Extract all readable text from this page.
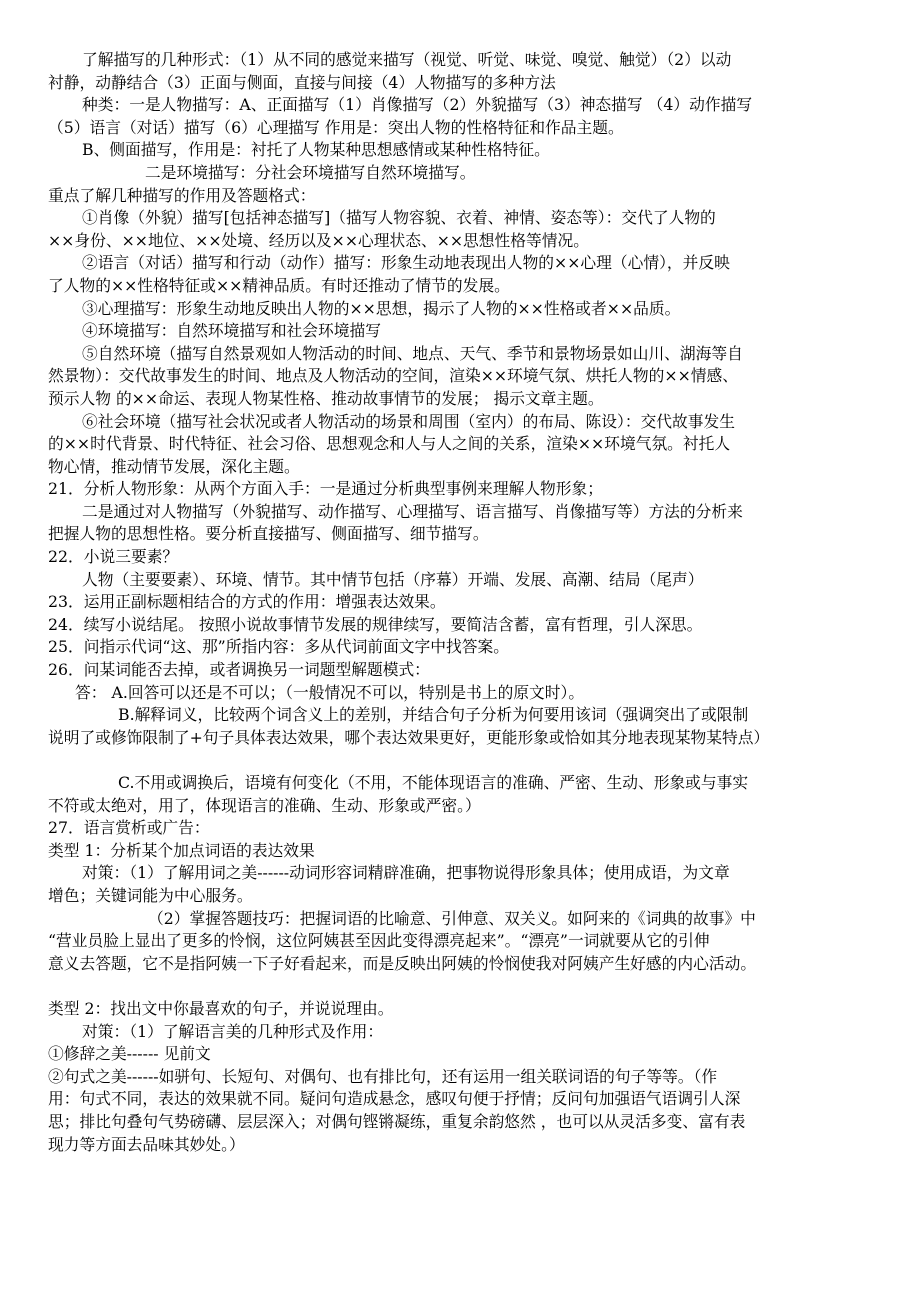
了解描写的几种形式：（1）从不同的感觉来描写（视觉、听觉、味觉、嗅觉、触觉）（2）以动
衬静，动静结合（3）正面与侧面，直接与间接（4）人物描写的多种方法
种类：一是人物描写：A、正面描写（1）肖像描写（2）外貌描写（3）神态描写 （4）动作描写
（5）语言（对话）描写（6）心理描写 作用是：突出人物的性格特征和作品主题。
B、侧面描写，作用是：衬托了人物某种思想感情或某种性格特征。
二是环境描写：分社会环境描写自然环境描写。
重点了解几种描写的作用及答题格式：
①肖像（外貌）描写[包括神态描写]（描写人物容貌、衣着、神情、姿态等）：交代了人物的
××身份、××地位、××处境、经历以及××心理状态、××思想性格等情况。
②语言（对话）描写和行动（动作）描写：形象生动地表现出人物的××心理（心情），并反映
了人物的××性格特征或××精神品质。有时还推动了情节的发展。
③心理描写：形象生动地反映出人物的××思想，揭示了人物的××性格或者××品质。
④环境描写：自然环境描写和社会环境描写
⑤自然环境（描写自然景观如人物活动的时间、地点、天气、季节和景物场景如山川、湖海等自
然景物）：交代故事发生的时间、地点及人物活动的空间，渲染××环境气氛、烘托人物的××情感、
预示人物 的××命运、表现人物某性格、推动故事情节的发展； 揭示文章主题。
⑥社会环境（描写社会状况或者人物活动的场景和周围（室内）的布局、陈设）：交代故事发生
的××时代背景、时代特征、社会习俗、思想观念和人与人之间的关系，渲染××环境气氛。衬托人
物心情，推动情节发展，深化主题。
21．分析人物形象：从两个方面入手：一是通过分析典型事例来理解人物形象；
二是通过对人物描写（外貌描写、动作描写、心理描写、语言描写、肖像描写等）方法的分析来
把握人物的思想性格。要分析直接描写、侧面描写、细节描写。
22．小说三要素？
人物（主要要素）、环境、情节。其中情节包括（序幕）开端、发展、高潮、结局（尾声）
23．运用正副标题相结合的方式的作用：增强表达效果。
24．续写小说结尾。 按照小说故事情节发展的规律续写，要简洁含蓄，富有哲理，引人深思。
25．问指示代词“这、那”所指内容：多从代词前面文字中找答案。
26．问某词能否去掉，或者调换另一词题型解题模式：
答： A.回答可以还是不可以；（一般情况不可以，特别是书上的原文时）。
B.解释词义，比较两个词含义上的差别，并结合句子分析为何要用该词（强调突出了或限制
说明了或修饰限制了+句子具体表达效果，哪个表达效果更好，更能形象或恰如其分地表现某物某特点）
C.不用或调换后，语境有何变化（不用，不能体现语言的准确、严密、生动、形象或与事实
不符或太绝对，用了，体现语言的准确、生动、形象或严密。）
27．语言赏析或广告：
类型 1：分析某个加点词语的表达效果
对策：（1）了解用词之美------动词形容词精辟准确，把事物说得形象具体；使用成语，为文章
增色；关键词能为中心服务。
（2）掌握答题技巧：把握词语的比喻意、引伸意、双关义。如阿来的《词典的故事》中
“营业员脸上显出了更多的怜悯，这位阿姨甚至因此变得漂亮起来”。“漂亮”一词就要从它的引伸
意义去答题，它不是指阿姨一下子好看起来，而是反映出阿姨的怜悯使我对阿姨产生好感的内心活动。
类型 2：找出文中你最喜欢的句子，并说说理由。
对策：（1）了解语言美的几种形式及作用：
①修辞之美------ 见前文
②句式之美------如骈句、长短句、对偶句、也有排比句，还有运用一组关联词语的句子等等。（作
用：句式不同，表达的效果就不同。疑问句造成悬念，感叹句便于抒情；反问句加强语气语调引人深
思；排比句叠句气势磅礴、层层深入；对偶句铿锵凝练，重复余韵悠然 ，也可以从灵活多变、富有表
现力等方面去品味其妙处。）
